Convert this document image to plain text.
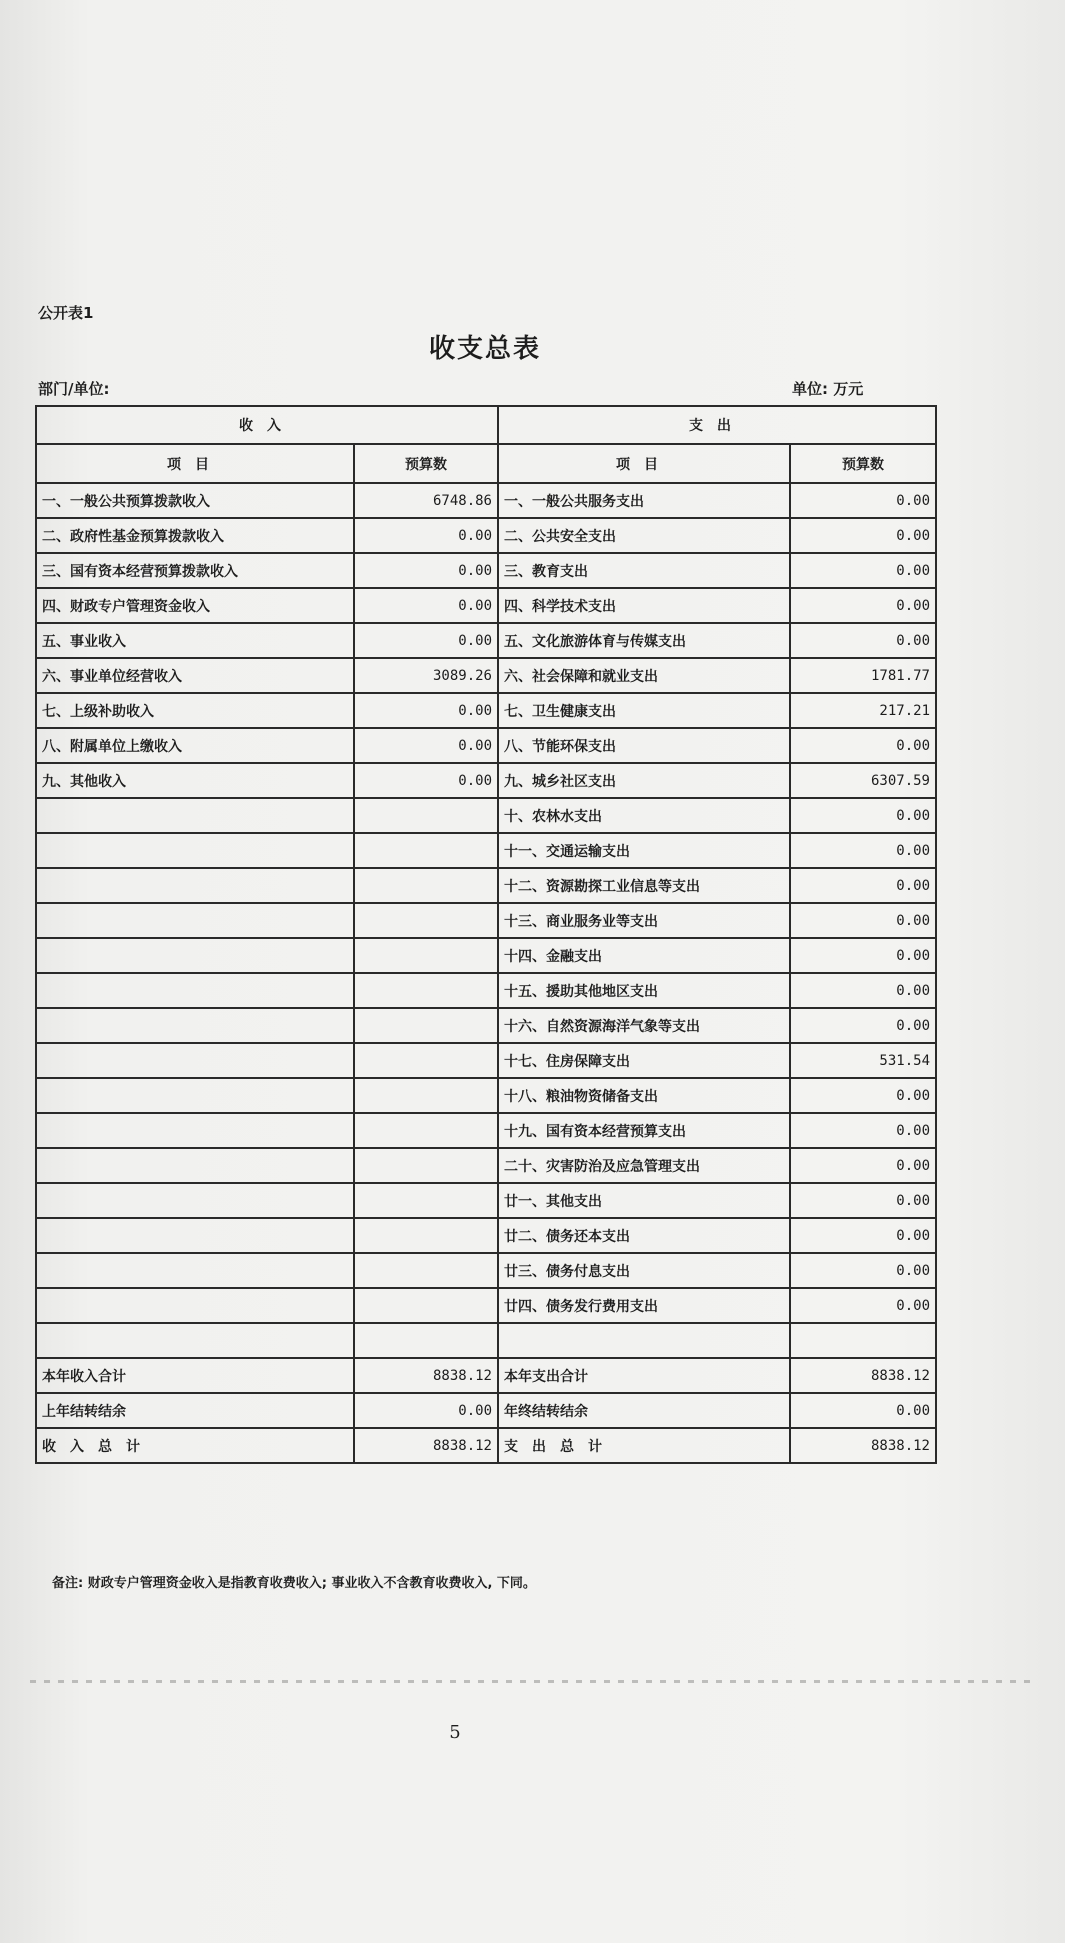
公开表1
收支总表
部门/单位:	单位: 万元
收入		支出	
项目	预算数	项目	预算数
一、一般公共预算拨款收入	6748.86	一、一般公共服务支出	0.00
二、政府性基金预算拨款收入	0.00	二、公共安全支出	0.00
三、国有资本经营预算拨款收入	0.00	三、教育支出	0.00
四、财政专户管理资金收入	0.00	四、科学技术支出	0.00
五、事业收入	0.00	五、文化旅游体育与传媒支出	0.00
六、事业单位经营收入	3089.26	六、社会保障和就业支出	1781.77
七、上级补助收入	0.00	七、卫生健康支出	217.21
八、附属单位上缴收入	0.00	八、节能环保支出	0.00
九、其他收入	0.00	九、城乡社区支出	6307.59
		十、农林水支出	0.00
		十一、交通运输支出	0.00
		十二、资源勘探工业信息等支出	0.00
		十三、商业服务业等支出	0.00
		十四、金融支出	0.00
		十五、援助其他地区支出	0.00
		十六、自然资源海洋气象等支出	0.00
		十七、住房保障支出	531.54
		十八、粮油物资储备支出	0.00
		十九、国有资本经营预算支出	0.00
		二十、灾害防治及应急管理支出	0.00
		廿一、其他支出	0.00
		廿二、债务还本支出	0.00
		廿三、债务付息支出	0.00
		廿四、债务发行费用支出	0.00

本年收入合计	8838.12	本年支出合计	8838.12
上年结转结余	0.00	年终结转结余	0.00
收入总计	8838.12	支出总计	8838.12
备注: 财政专户管理资金收入是指教育收费收入; 事业收入不含教育收费收入, 下同。
5
